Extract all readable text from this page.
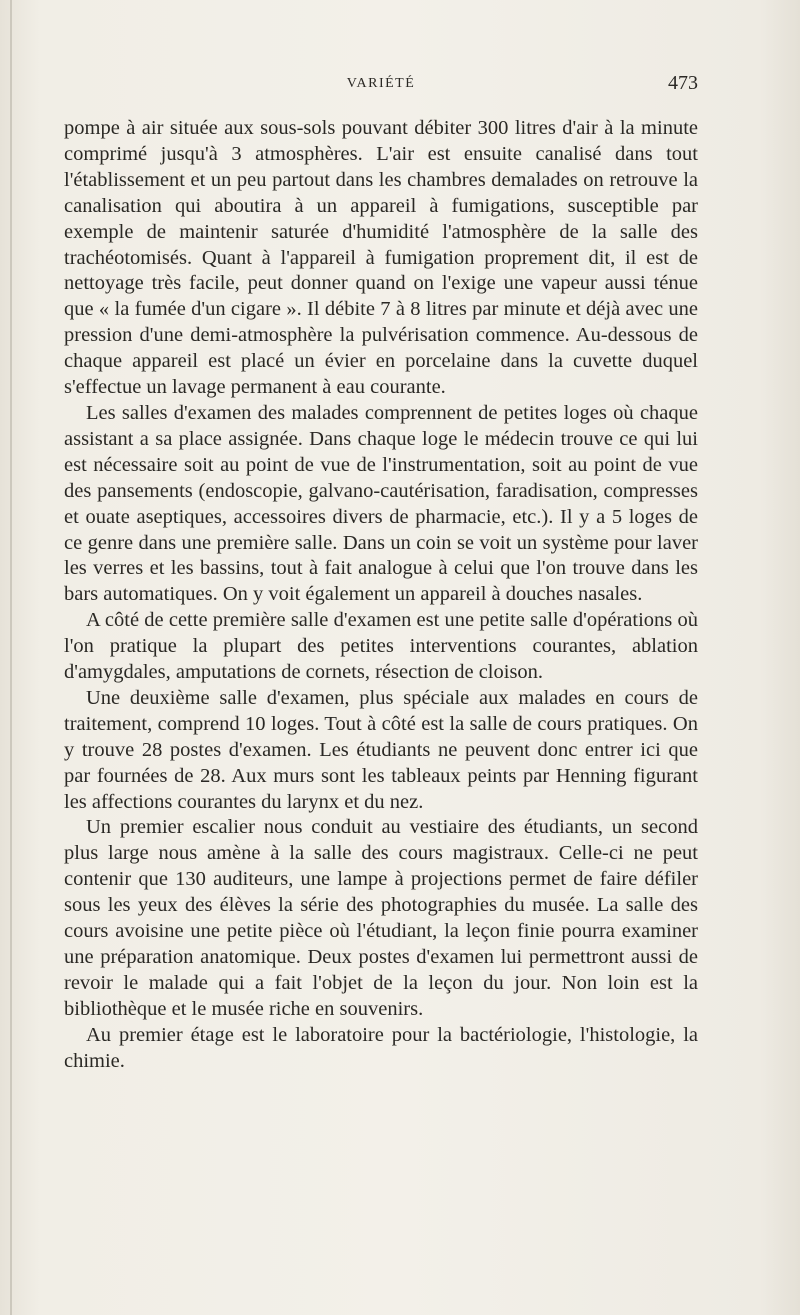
VARIÉTÉ	473

pompe à air située aux sous-sols pouvant débiter 300 litres d'air à la minute comprimé jusqu'à 3 atmosphères. L'air est ensuite canalisé dans tout l'établissement et un peu partout dans les chambres demalades on retrouve la canalisation qui aboutira à un appareil à fumigations, susceptible par exemple de maintenir saturée d'humidité l'atmosphère de la salle des trachéotomisés. Quant à l'appareil à fumigation proprement dit, il est de nettoyage très facile, peut donner quand on l'exige une vapeur aussi ténue que « la fumée d'un cigare ». Il débite 7 à 8 litres par minute et déjà avec une pression d'une demi-atmosphère la pulvérisation commence. Au-dessous de chaque appareil est placé un évier en porcelaine dans la cuvette duquel s'effectue un lavage permanent à eau courante.

Les salles d'examen des malades comprennent de petites loges où chaque assistant a sa place assignée. Dans chaque loge le médecin trouve ce qui lui est nécessaire soit au point de vue de l'instrumentation, soit au point de vue des pansements (endoscopie, galvano-cautérisation, faradisation, compresses et ouate aseptiques, accessoires divers de pharmacie, etc.). Il y a 5 loges de ce genre dans une première salle. Dans un coin se voit un système pour laver les verres et les bassins, tout à fait analogue à celui que l'on trouve dans les bars automatiques. On y voit également un appareil à douches nasales.

A côté de cette première salle d'examen est une petite salle d'opérations où l'on pratique la plupart des petites interventions courantes, ablation d'amygdales, amputations de cornets, résection de cloison.

Une deuxième salle d'examen, plus spéciale aux malades en cours de traitement, comprend 10 loges. Tout à côté est la salle de cours pratiques. On y trouve 28 postes d'examen. Les étudiants ne peuvent donc entrer ici que par fournées de 28. Aux murs sont les tableaux peints par Henning figurant les affections courantes du larynx et du nez.

Un premier escalier nous conduit au vestiaire des étudiants, un second plus large nous amène à la salle des cours magistraux. Celle-ci ne peut contenir que 130 auditeurs, une lampe à projections permet de faire défiler sous les yeux des élèves la série des photographies du musée. La salle des cours avoisine une petite pièce où l'étudiant, la leçon finie pourra examiner une préparation anatomique. Deux postes d'examen lui permettront aussi de revoir le malade qui a fait l'objet de la leçon du jour. Non loin est la bibliothèque et le musée riche en souvenirs.

Au premier étage est le laboratoire pour la bactériologie, l'histologie, la chimie.
